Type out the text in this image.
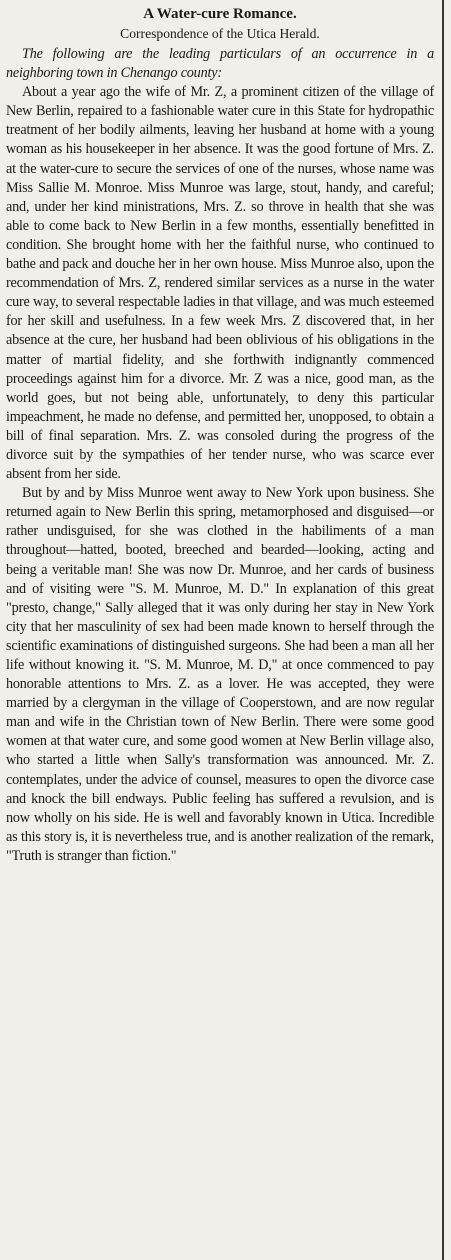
A Water-cure Romance.
Correspondence of the Utica Herald.

The following are the leading particulars of an occurrence in a neighboring town in Chenango county:

About a year ago the wife of Mr. Z, a prominent citizen of the village of New Berlin, repaired to a fashionable water cure in this State for hydropathic treatment of her bodily ailments, leaving her husband at home with a young woman as his housekeeper in her absence. It was the good fortune of Mrs. Z. at the water-cure to secure the services of one of the nurses, whose name was Miss Sallie M. Monroe. Miss Munroe was large, stout, handy, and careful; and, under her kind ministrations, Mrs. Z. so throve in health that she was able to come back to New Berlin in a few months, essentially benefitted in condition. She brought home with her the faithful nurse, who continued to bathe and pack and douche her in her own house. Miss Munroe also, upon the recommendation of Mrs. Z, rendered similar services as a nurse in the water cure way, to several respectable ladies in that village, and was much esteemed for her skill and usefulness. In a few week Mrs. Z discovered that, in her absence at the cure, her husband had been oblivious of his obligations in the matter of martial fidelity, and she forthwith indignantly commenced proceedings against him for a divorce. Mr. Z was a nice, good man, as the world goes, but not being able, unfortunately, to deny this particular impeachment, he made no defense, and permitted her, unopposed, to obtain a bill of final separation. Mrs. Z. was consoled during the progress of the divorce suit by the sympathies of her tender nurse, who was scarce ever absent from her side.

But by and by Miss Munroe went away to New York upon business. She returned again to New Berlin this spring, metamorphosed and disguised—or rather undisguised, for she was clothed in the habiliments of a man throughout—hatted, booted, breeched and bearded—looking, acting and being a veritable man! She was now Dr. Munroe, and her cards of business and of visiting were "S. M. Munroe, M. D." In explanation of this great "presto, change," Sally alleged that it was only during her stay in New York city that her masculinity of sex had been made known to herself through the scientific examinations of distinguished surgeons. She had been a man all her life without knowing it. "S. M. Munroe, M. D," at once commenced to pay honorable attentions to Mrs. Z. as a lover. He was accepted, they were married by a clergyman in the village of Cooperstown, and are now regular man and wife in the Christian town of New Berlin. There were some good women at that water cure, and some good women at New Berlin village also, who started a little when Sally's transformation was announced. Mr. Z. contemplates, under the advice of counsel, measures to open the divorce case and knock the bill endways. Public feeling has suffered a revulsion, and is now wholly on his side. He is well and favorably known in Utica. Incredible as this story is, it is nevertheless true, and is another realization of the remark, "Truth is stranger than fiction."
